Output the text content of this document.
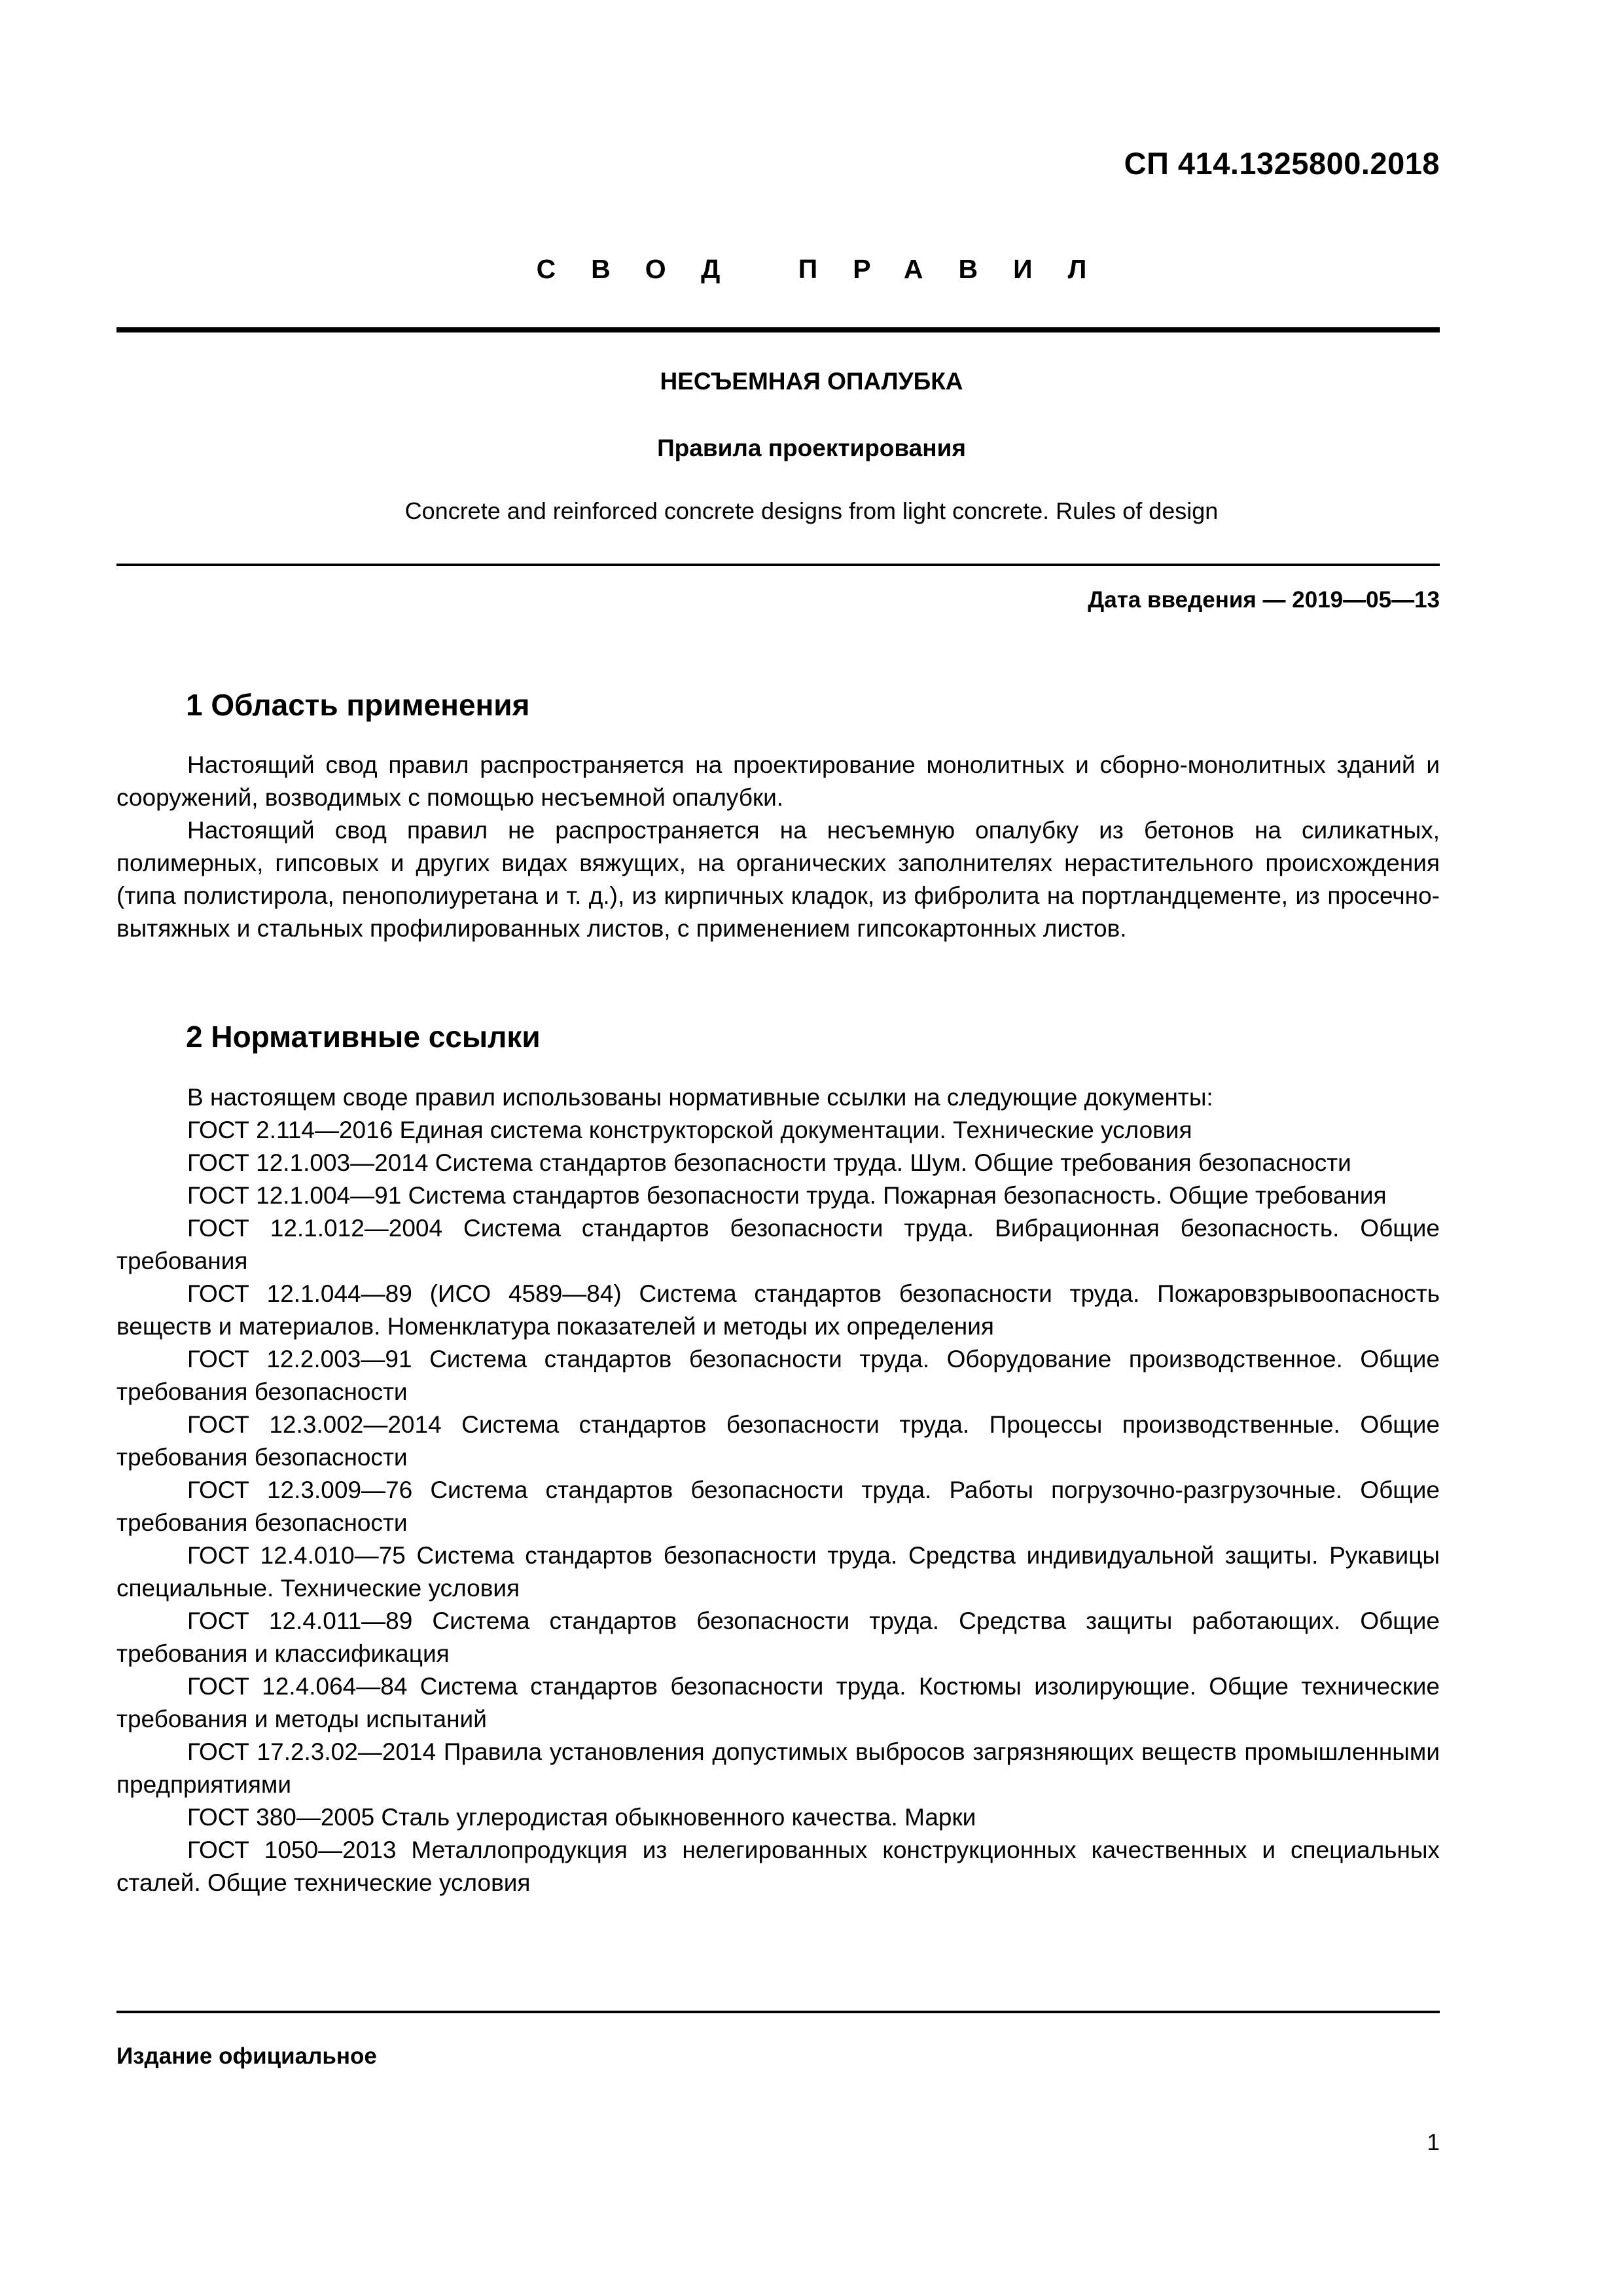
СП 414.1325800.2018
СВОД ПРАВИЛ
НЕСЪЕМНАЯ ОПАЛУБКА
Правила проектирования
Concrete and reinforced concrete designs from light concrete. Rules of design
Дата введения — 2019—05—13
1 Область применения

Настоящий свод правил распространяется на проектирование монолитных и сборно-монолитных зданий и сооружений, возводимых с помощью несъемной опалубки.

Настоящий свод правил не распространяется на несъемную опалубку из бетонов на силикатных, полимерных, гипсовых и других видах вяжущих, на органических заполнителях нерастительного происхождения (типа полистирола, пенополиуретана и т. д.), из кирпичных кладок, из фибролита на портландцементе, из просечно-вытяжных и стальных профилированных листов, с применением гипсокартонных листов.

2 Нормативные ссылки

В настоящем своде правил использованы нормативные ссылки на следующие документы:

ГОСТ 2.114—2016 Единая система конструкторской документации. Технические условия

ГОСТ 12.1.003—2014 Система стандартов безопасности труда. Шум. Общие требования безопасности

ГОСТ 12.1.004—91 Система стандартов безопасности труда. Пожарная безопасность. Общие требования

ГОСТ 12.1.012—2004 Система стандартов безопасности труда. Вибрационная безопасность. Общие требования

ГОСТ 12.1.044—89 (ИСО 4589—84) Система стандартов безопасности труда. Пожаровзрывоопасность веществ и материалов. Номенклатура показателей и методы их определения

ГОСТ 12.2.003—91 Система стандартов безопасности труда. Оборудование производственное. Общие требования безопасности

ГОСТ 12.3.002—2014 Система стандартов безопасности труда. Процессы производственные. Общие требования безопасности

ГОСТ 12.3.009—76 Система стандартов безопасности труда. Работы погрузочно-разгрузочные. Общие требования безопасности

ГОСТ 12.4.010—75 Система стандартов безопасности труда. Средства индивидуальной защиты. Рукавицы специальные. Технические условия

ГОСТ 12.4.011—89 Система стандартов безопасности труда. Средства защиты работающих. Общие требования и классификация

ГОСТ 12.4.064—84 Система стандартов безопасности труда. Костюмы изолирующие. Общие технические требования и методы испытаний

ГОСТ 17.2.3.02—2014 Правила установления допустимых выбросов загрязняющих веществ промышленными предприятиями

ГОСТ 380—2005 Сталь углеродистая обыкновенного качества. Марки

ГОСТ 1050—2013 Металлопродукция из нелегированных конструкционных качественных и специальных сталей. Общие технические условия

Издание официальное
1
